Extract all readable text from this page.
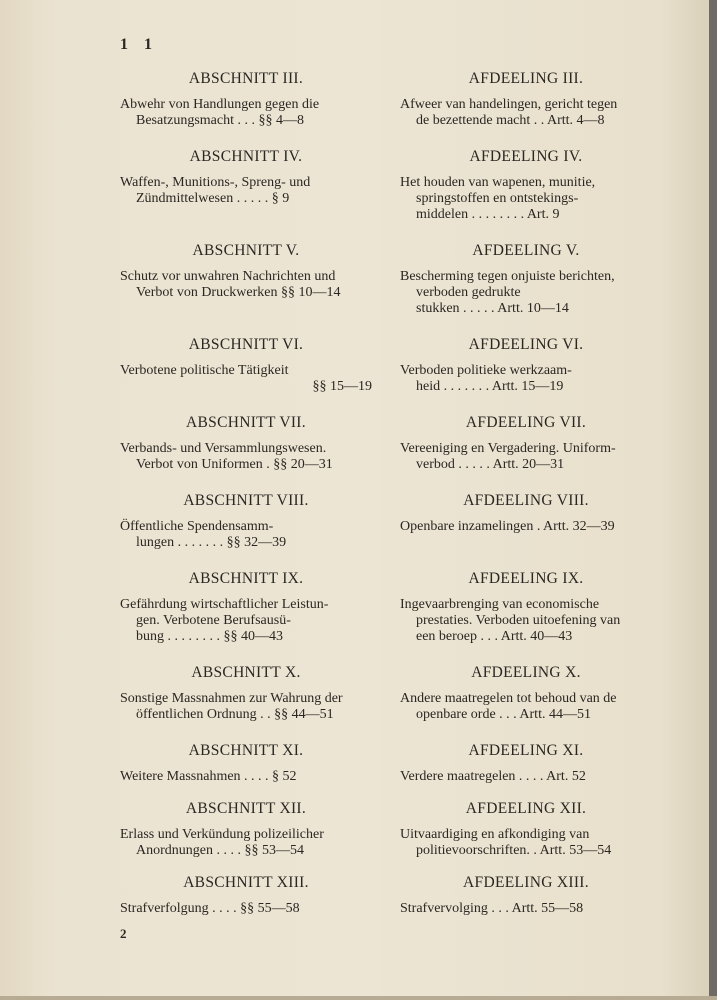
1 1
ABSCHNITT III.
Abwehr von Handlungen gegen die
Besatzungsmacht . . . §§ 4—8
ABSCHNITT IV.
Waffen-, Munitions-, Spreng- und
Zündmittelwesen . . . . . § 9
ABSCHNITT V.
Schutz vor unwahren Nachrichten und
Verbot von Druckwerken §§ 10—14
ABSCHNITT VI.
Verbotene politische Tätigkeit
§§ 15—19
ABSCHNITT VII.
Verbands- und Versammlungswesen.
Verbot von Uniformen . §§ 20—31
ABSCHNITT VIII.
Öffentliche Spendensamm-
lungen . . . . . . . §§ 32—39
ABSCHNITT IX.
Gefährdung wirtschaftlicher Leistun-
gen. Verbotene Berufsausü-
bung . . . . . . . . §§ 40—43
ABSCHNITT X.
Sonstige Massnahmen zur Wahrung der
öffentlichen Ordnung . . §§ 44—51
ABSCHNITT XI.
Weitere Massnahmen . . . . § 52
ABSCHNITT XII.
Erlass und Verkündung polizeilicher
Anordnungen . . . . §§ 53—54
ABSCHNITT XIII.
Strafverfolgung . . . . §§ 55—58
AFDEELING III.
Afweer van handelingen, gericht tegen
de bezettende macht . . Artt. 4—8
AFDEELING IV.
Het houden van wapenen, munitie,
springstoffen en ontstekings-
middelen . . . . . . . . Art. 9
AFDEELING V.
Bescherming tegen onjuiste berichten,
verboden gedrukte
stukken . . . . . Artt. 10—14
AFDEELING VI.
Verboden politieke werkzaam-
heid . . . . . . . Artt. 15—19
AFDEELING VII.
Vereeniging en Vergadering. Uniform-
verbod . . . . . Artt. 20—31
AFDEELING VIII.
Openbare inzamelingen . Artt. 32—39
AFDEELING IX.
Ingevaarbrenging van economische
prestaties. Verboden uitoefening van
een beroep . . . Artt. 40—43
AFDEELING X.
Andere maatregelen tot behoud van de
openbare orde . . . Artt. 44—51
AFDEELING XI.
Verdere maatregelen . . . . Art. 52
AFDEELING XII.
Uitvaardiging en afkondiging van
politievoorschriften. . Artt. 53—54
AFDEELING XIII.
Strafvervolging . . . Artt. 55—58
2
